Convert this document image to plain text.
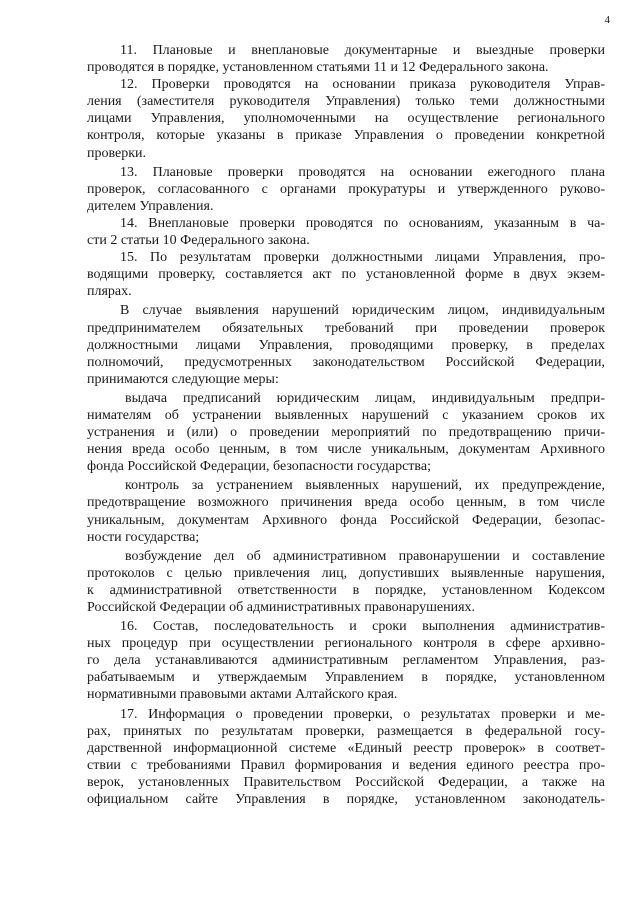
4
11. Плановые и внеплановые документарные и выездные проверки
проводятся в порядке, установленном статьями 11 и 12 Федерального закона.
12. Проверки проводятся на основании приказа руководителя Управ-
ления (заместителя руководителя Управления) только теми должностными
лицами Управления, уполномоченными на осуществление регионального
контроля, которые указаны в приказе Управления о проведении конкретной
проверки.
13. Плановые проверки проводятся на основании ежегодного плана
проверок, согласованного с органами прокуратуры и утвержденного руково-
дителем Управления.
14. Внеплановые проверки проводятся по основаниям, указанным в ча-
сти 2 статьи 10 Федерального закона.
15. По результатам проверки должностными лицами Управления, про-
водящими проверку, составляется акт по установленной форме в двух экзем-
плярах.
В случае выявления нарушений юридическим лицом, индивидуальным
предпринимателем обязательных требований при проведении проверок
должностными лицами Управления, проводящими проверку, в пределах
полномочий, предусмотренных законодательством Российской Федерации,
принимаются следующие меры:
выдача предписаний юридическим лицам, индивидуальным предпри-
нимателям об устранении выявленных нарушений с указанием сроков их
устранения и (или) о проведении мероприятий по предотвращению причи-
нения вреда особо ценным, в том числе уникальным, документам Архивного
фонда Российской Федерации, безопасности государства;
контроль за устранением выявленных нарушений, их предупреждение,
предотвращение возможного причинения вреда особо ценным, в том числе
уникальным, документам Архивного фонда Российской Федерации, безопас-
ности государства;
возбуждение дел об административном правонарушении и составление
протоколов с целью привлечения лиц, допустивших выявленные нарушения,
к административной ответственности в порядке, установленном Кодексом
Российской Федерации об административных правонарушениях.
16. Состав, последовательность и сроки выполнения административ-
ных процедур при осуществлении регионального контроля в сфере архивно-
го дела устанавливаются административным регламентом Управления, раз-
рабатываемым и утверждаемым Управлением в порядке, установленном
нормативными правовыми актами Алтайского края.
17. Информация о проведении проверки, о результатах проверки и ме-
рах, принятых по результатам проверки, размещается в федеральной госу-
дарственной информационной системе «Единый реестр проверок» в соответ-
ствии с требованиями Правил формирования и ведения единого реестра про-
верок, установленных Правительством Российской Федерации, а также на
официальном сайте Управления в порядке, установленном законодатель-
